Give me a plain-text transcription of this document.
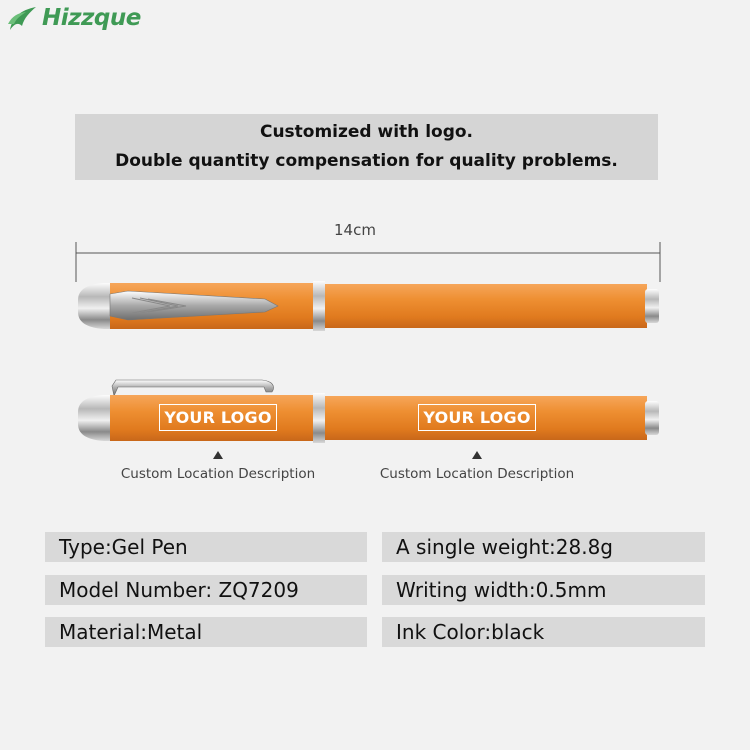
Hizzque
Customized with logo.
Double quantity compensation for quality problems.
14cm
YOUR LOGO	YOUR LOGO
Custom Location Description	Custom Location Description
Type:Gel Pen	A single weight:28.8g
Model Number: ZQ7209	Writing width:0.5mm
Material:Metal	Ink Color:black
